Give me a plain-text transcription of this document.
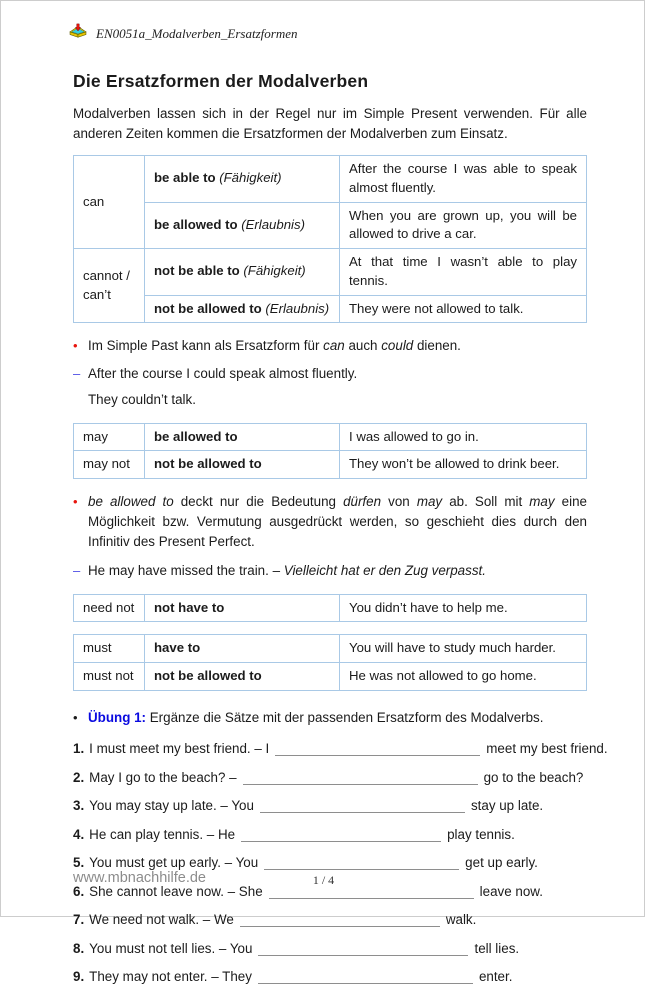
EN0051a_Modalverben_Ersatzformen
Die Ersatzformen der Modalverben

Modalverben lassen sich in der Regel nur im Simple Present verwenden. Für alle anderen Zeiten kommen die Ersatzformen der Modalverben zum Einsatz.

can	be able to (Fähigkeit)	After the course I was able to speak almost fluently.
	be allowed to (Erlaubnis)	When you are grown up, you will be allowed to drive a car.
cannot / can’t	not be able to (Fähigkeit)	At that time I wasn’t able to play tennis.
	not be allowed to (Erlaubnis)	They were not allowed to talk.
• Im Simple Past kann als Ersatzform für can auch could dienen.
– After the course I could speak almost fluently.
They couldn’t talk.
may	be allowed to	I was allowed to go in.
may not	not be allowed to	They won’t be allowed to drink beer.
• be allowed to deckt nur die Bedeutung dürfen von may ab. Soll mit may eine Möglichkeit bzw. Vermutung ausgedrückt werden, so geschieht dies durch den Infinitiv des Present Perfect.
– He may have missed the train. – Vielleicht hat er den Zug verpasst.
need not	not have to	You didn’t have to help me.
must	have to	You will have to study much harder.
must not	not be allowed to	He was not allowed to go home.
• Übung 1: Ergänze die Sätze mit der passenden Ersatzform des Modalverbs.
1. I must meet my best friend. – I	meet my best friend.
2. May I go to the beach? –	go to the beach?
3. You may stay up late. – You	stay up late.
4. He can play tennis. – He	play tennis.
5. You must get up early. – You	get up early.
6. She cannot leave now. – She	leave now.
7. We need not walk. – We	walk.
8. You must not tell lies. – You	tell lies.
9. They may not enter. – They	enter.
www.mbnachhilfe.de	1 / 4
